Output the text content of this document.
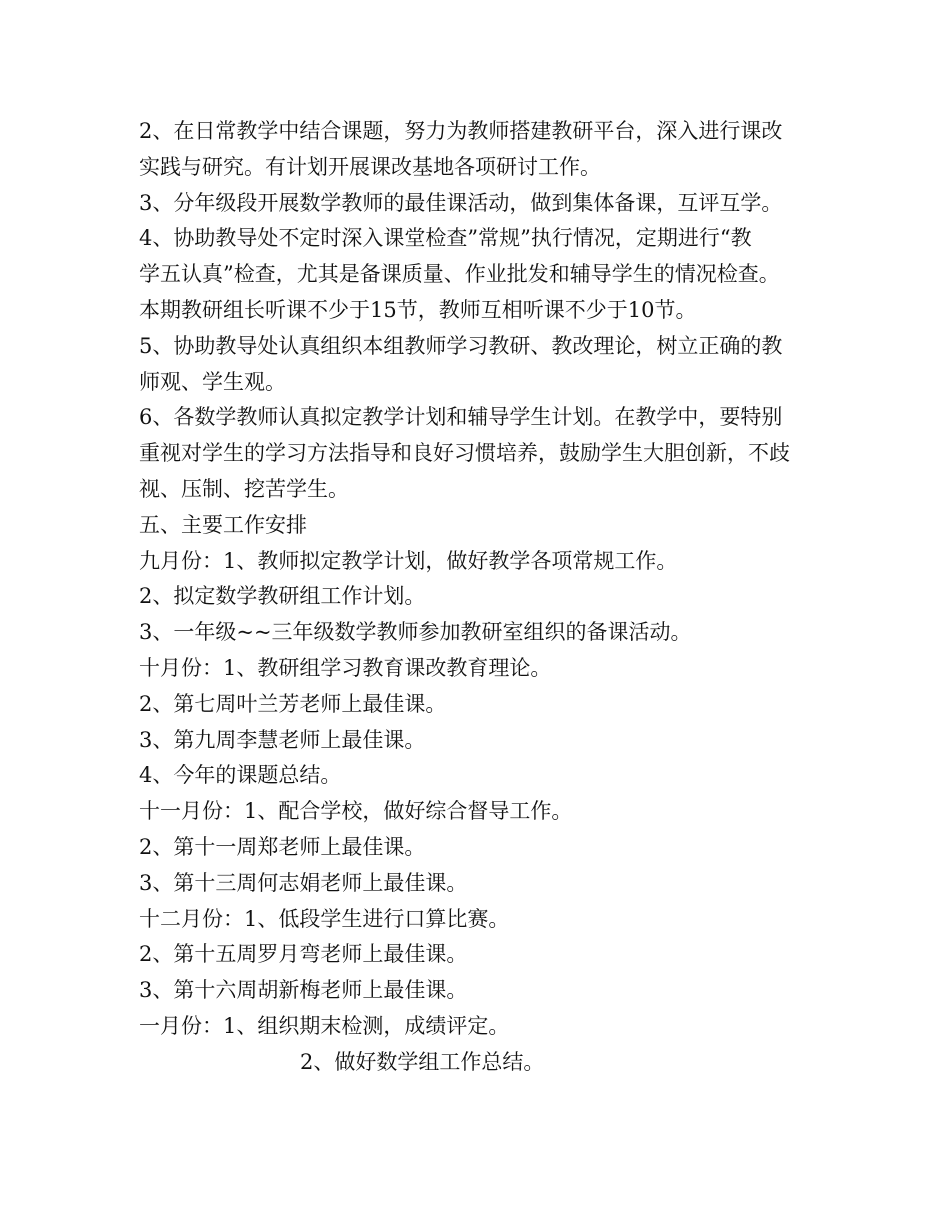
2、在日常教学中结合课题，努力为教师搭建教研平台，深入进行课改
实践与研究。有计划开展课改基地各项研讨工作。
3、分年级段开展数学教师的最佳课活动，做到集体备课，互评互学。
4、协助教导处不定时深入课堂检查”常规”执行情况，定期进行“教
学五认真”检查，尤其是备课质量、作业批发和辅导学生的情况检查。
本期教研组长听课不少于15节，教师互相听课不少于10节。
5、协助教导处认真组织本组教师学习教研、教改理论，树立正确的教
师观、学生观。
6、各数学教师认真拟定教学计划和辅导学生计划。在教学中，要特别
重视对学生的学习方法指导和良好习惯培养，鼓励学生大胆创新，不歧
视、压制、挖苦学生。
五、主要工作安排
九月份：1、教师拟定教学计划，做好教学各项常规工作。
2、拟定数学教研组工作计划。
3、一年级~~三年级数学教师参加教研室组织的备课活动。
十月份：1、教研组学习教育课改教育理论。
2、第七周叶兰芳老师上最佳课。
3、第九周李慧老师上最佳课。
4、今年的课题总结。
十一月份：1、配合学校，做好综合督导工作。
2、第十一周郑老师上最佳课。
3、第十三周何志娟老师上最佳课。
十二月份：1、低段学生进行口算比赛。
2、第十五周罗月弯老师上最佳课。
3、第十六周胡新梅老师上最佳课。
一月份：1、组织期末检测，成绩评定。
2、做好数学组工作总结。
